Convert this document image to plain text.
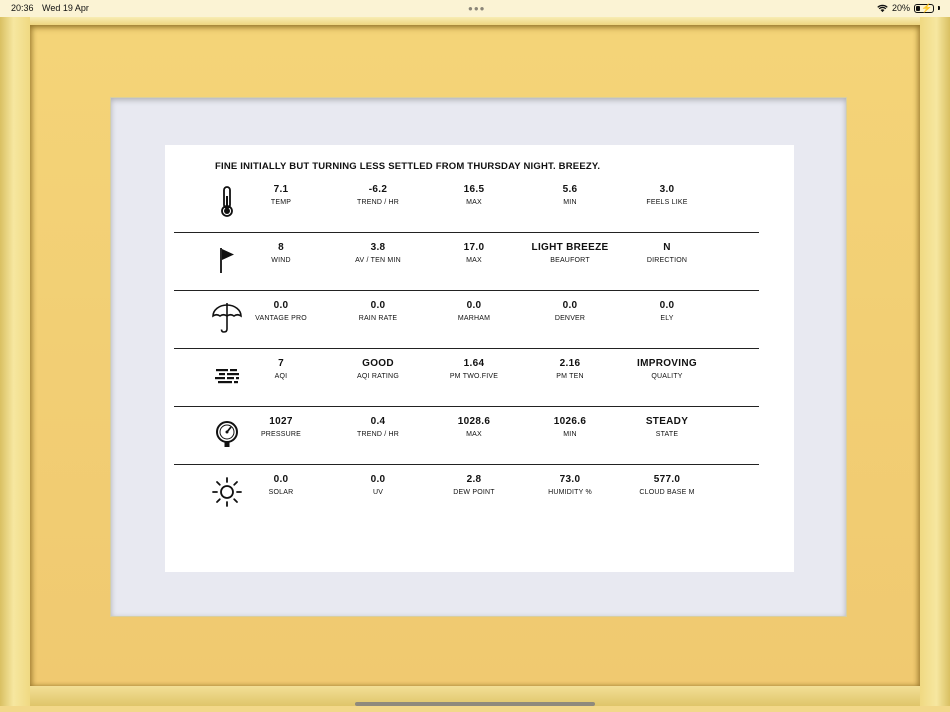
20:36 Wed 19 Apr	●●●	20% ⚡
FINE INITIALLY BUT TURNING LESS SETTLED FROM THURSDAY NIGHT. BREEZY.
7.1
TEMP
-6.2
TREND / HR
16.5
MAX
5.6
MIN
3.0
FEELS LIKE
8
WIND
3.8
AV / TEN MIN
17.0
MAX
LIGHT BREEZE
BEAUFORT
N
DIRECTION
0.0
VANTAGE PRO
0.0
RAIN RATE
0.0
MARHAM
0.0
DENVER
0.0
ELY
7
AQI
GOOD
AQI RATING
1.64
PM TWO.FIVE
2.16
PM TEN
IMPROVING
QUALITY
1027
PRESSURE
0.4
TREND / HR
1028.6
MAX
1026.6
MIN
STEADY
STATE
0.0
SOLAR
0.0
UV
2.8
DEW POINT
73.0
HUMIDITY %
577.0
CLOUD BASE M
